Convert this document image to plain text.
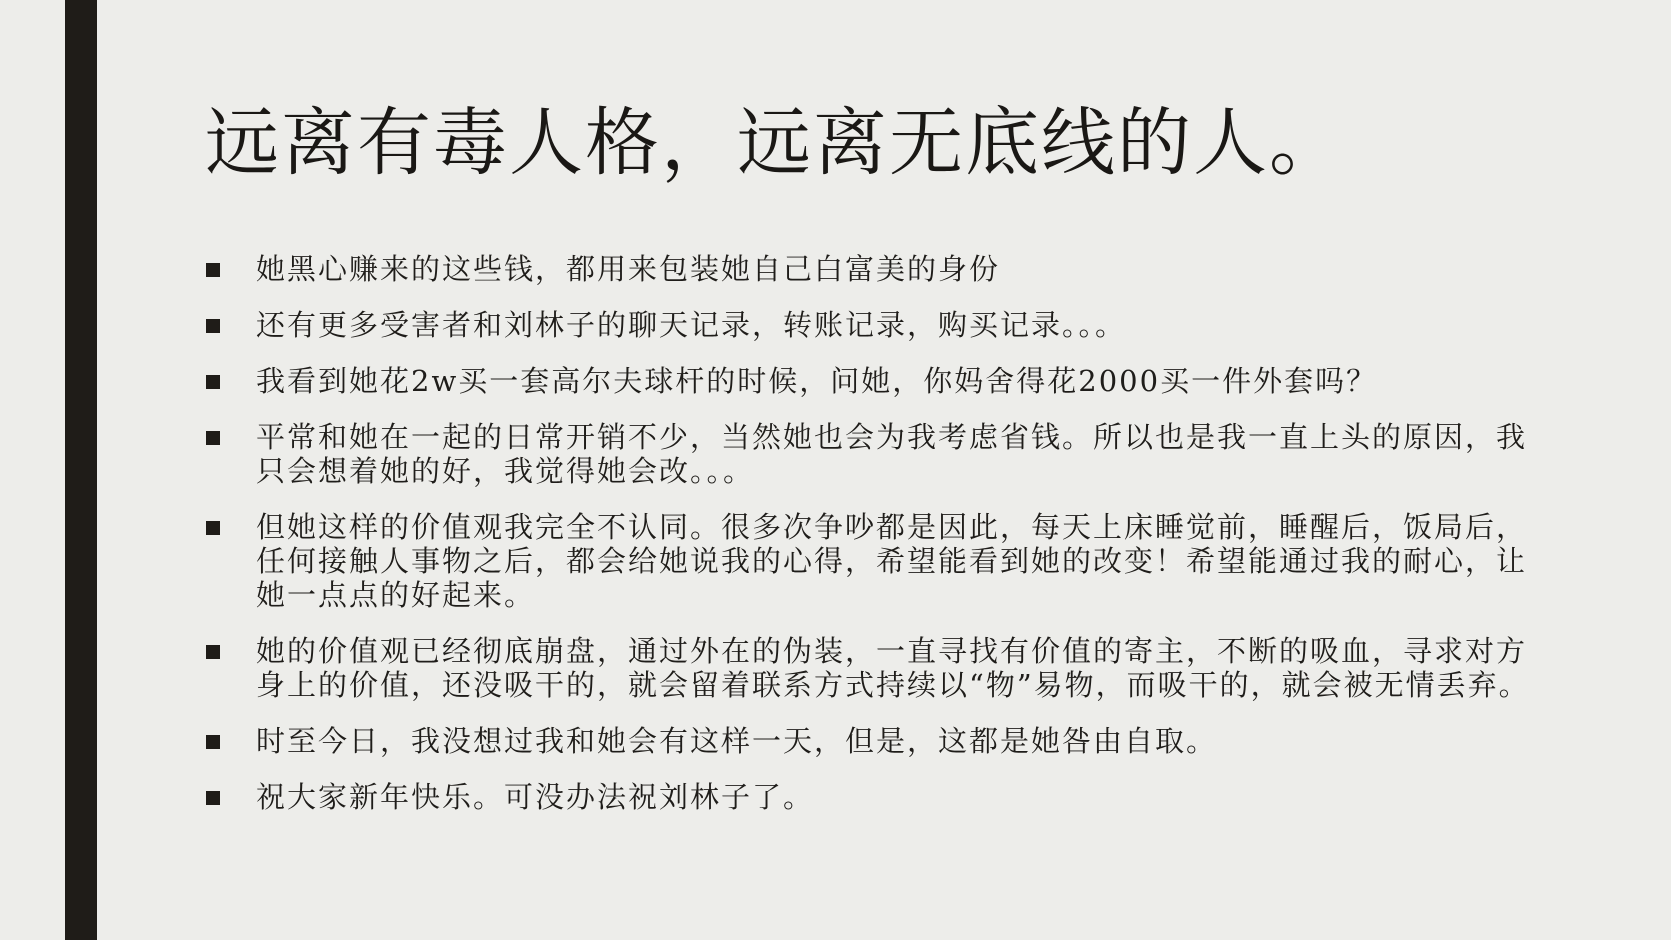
远离有毒人格，远离无底线的人。
她黑心赚来的这些钱，都用来包装她自己白富美的身份
还有更多受害者和刘林子的聊天记录，转账记录，购买记录。。。
我看到她花2w买一套高尔夫球杆的时候，问她，你妈舍得花2000买一件外套吗？
平常和她在一起的日常开销不少，当然她也会为我考虑省钱。所以也是我一直上头的原因，我只会想着她的好，我觉得她会改。。。
但她这样的价值观我完全不认同。很多次争吵都是因此，每天上床睡觉前，睡醒后，饭局后，任何接触人事物之后，都会给她说我的心得，希望能看到她的改变！希望能通过我的耐心，让她一点点的好起来。
她的价值观已经彻底崩盘，通过外在的伪装，一直寻找有价值的寄主，不断的吸血，寻求对方身上的价值，还没吸干的，就会留着联系方式持续以“物”易物，而吸干的，就会被无情丢弃。
时至今日，我没想过我和她会有这样一天，但是，这都是她咎由自取。
祝大家新年快乐。可没办法祝刘林子了。
